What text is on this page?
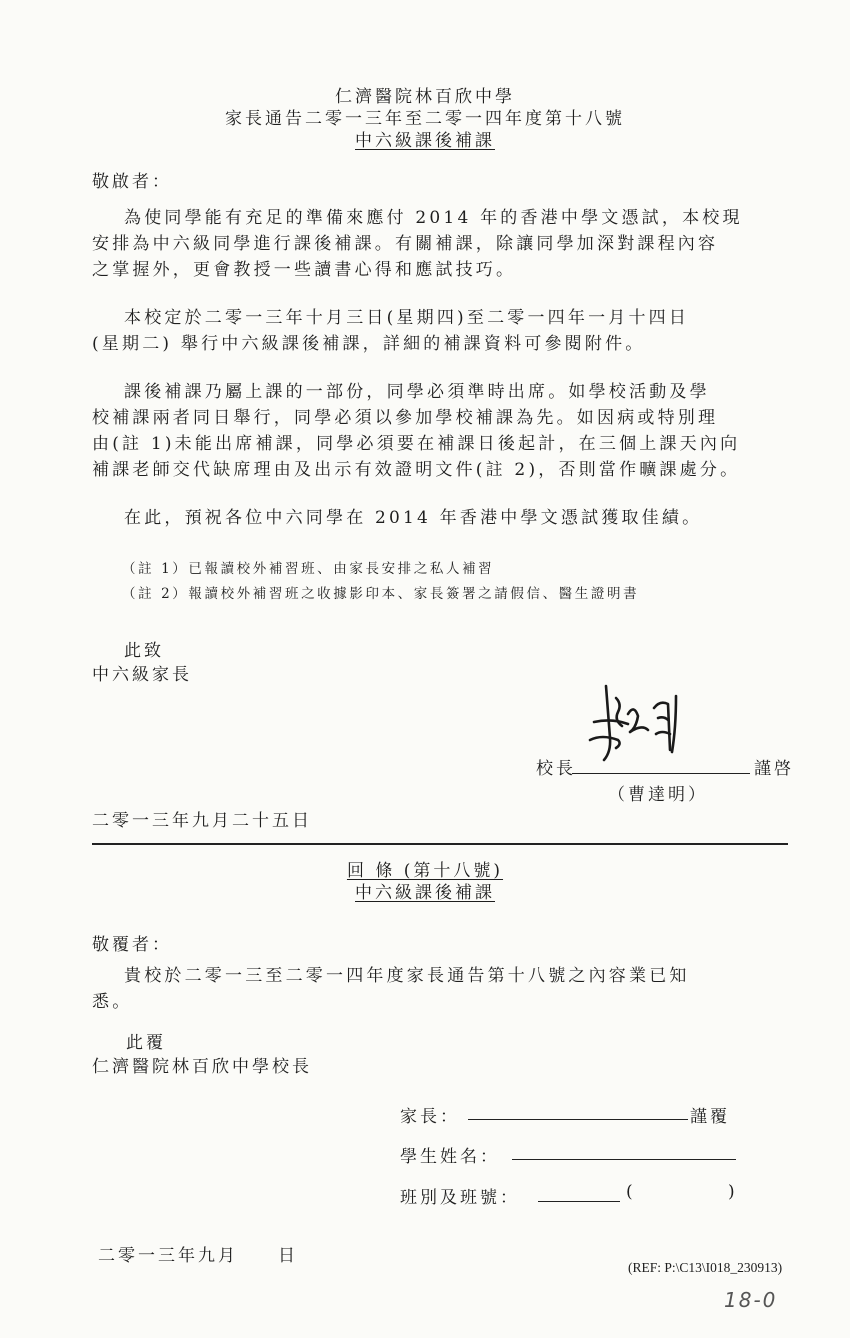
仁濟醫院林百欣中學
家長通告二零一三年至二零一四年度第十八號
中六級課後補課
敬啟者：
為使同學能有充足的準備來應付 2014 年的香港中學文憑試，本校現
安排為中六級同學進行課後補課。有關補課，除讓同學加深對課程內容
之掌握外，更會教授一些讀書心得和應試技巧。
本校定於二零一三年十月三日(星期四)至二零一四年一月十四日
(星期二) 舉行中六級課後補課，詳細的補課資料可參閱附件。
課後補課乃屬上課的一部份，同學必須準時出席。如學校活動及學
校補課兩者同日舉行，同學必須以參加學校補課為先。如因病或特別理
由(註 1)未能出席補課，同學必須要在補課日後起計，在三個上課天內向
補課老師交代缺席理由及出示有效證明文件(註 2)，否則當作曠課處分。
在此，預祝各位中六同學在 2014 年香港中學文憑試獲取佳績。
（註 1）已報讀校外補習班、由家長安排之私人補習
（註 2）報讀校外補習班之收據影印本、家長簽署之請假信、醫生證明書
此致
中六級家長
校長	謹啓
（曹達明）
二零一三年九月二十五日
回 條 (第十八號)
中六級課後補課
敬覆者：
貴校於二零一三至二零一四年度家長通告第十八號之內容業已知
悉。
此覆
仁濟醫院林百欣中學校長
家長：	謹覆
學生姓名：
班別及班號：	(	)
二零一三年九月　　日
(REF: P:\C13\I018_230913)
18-0
